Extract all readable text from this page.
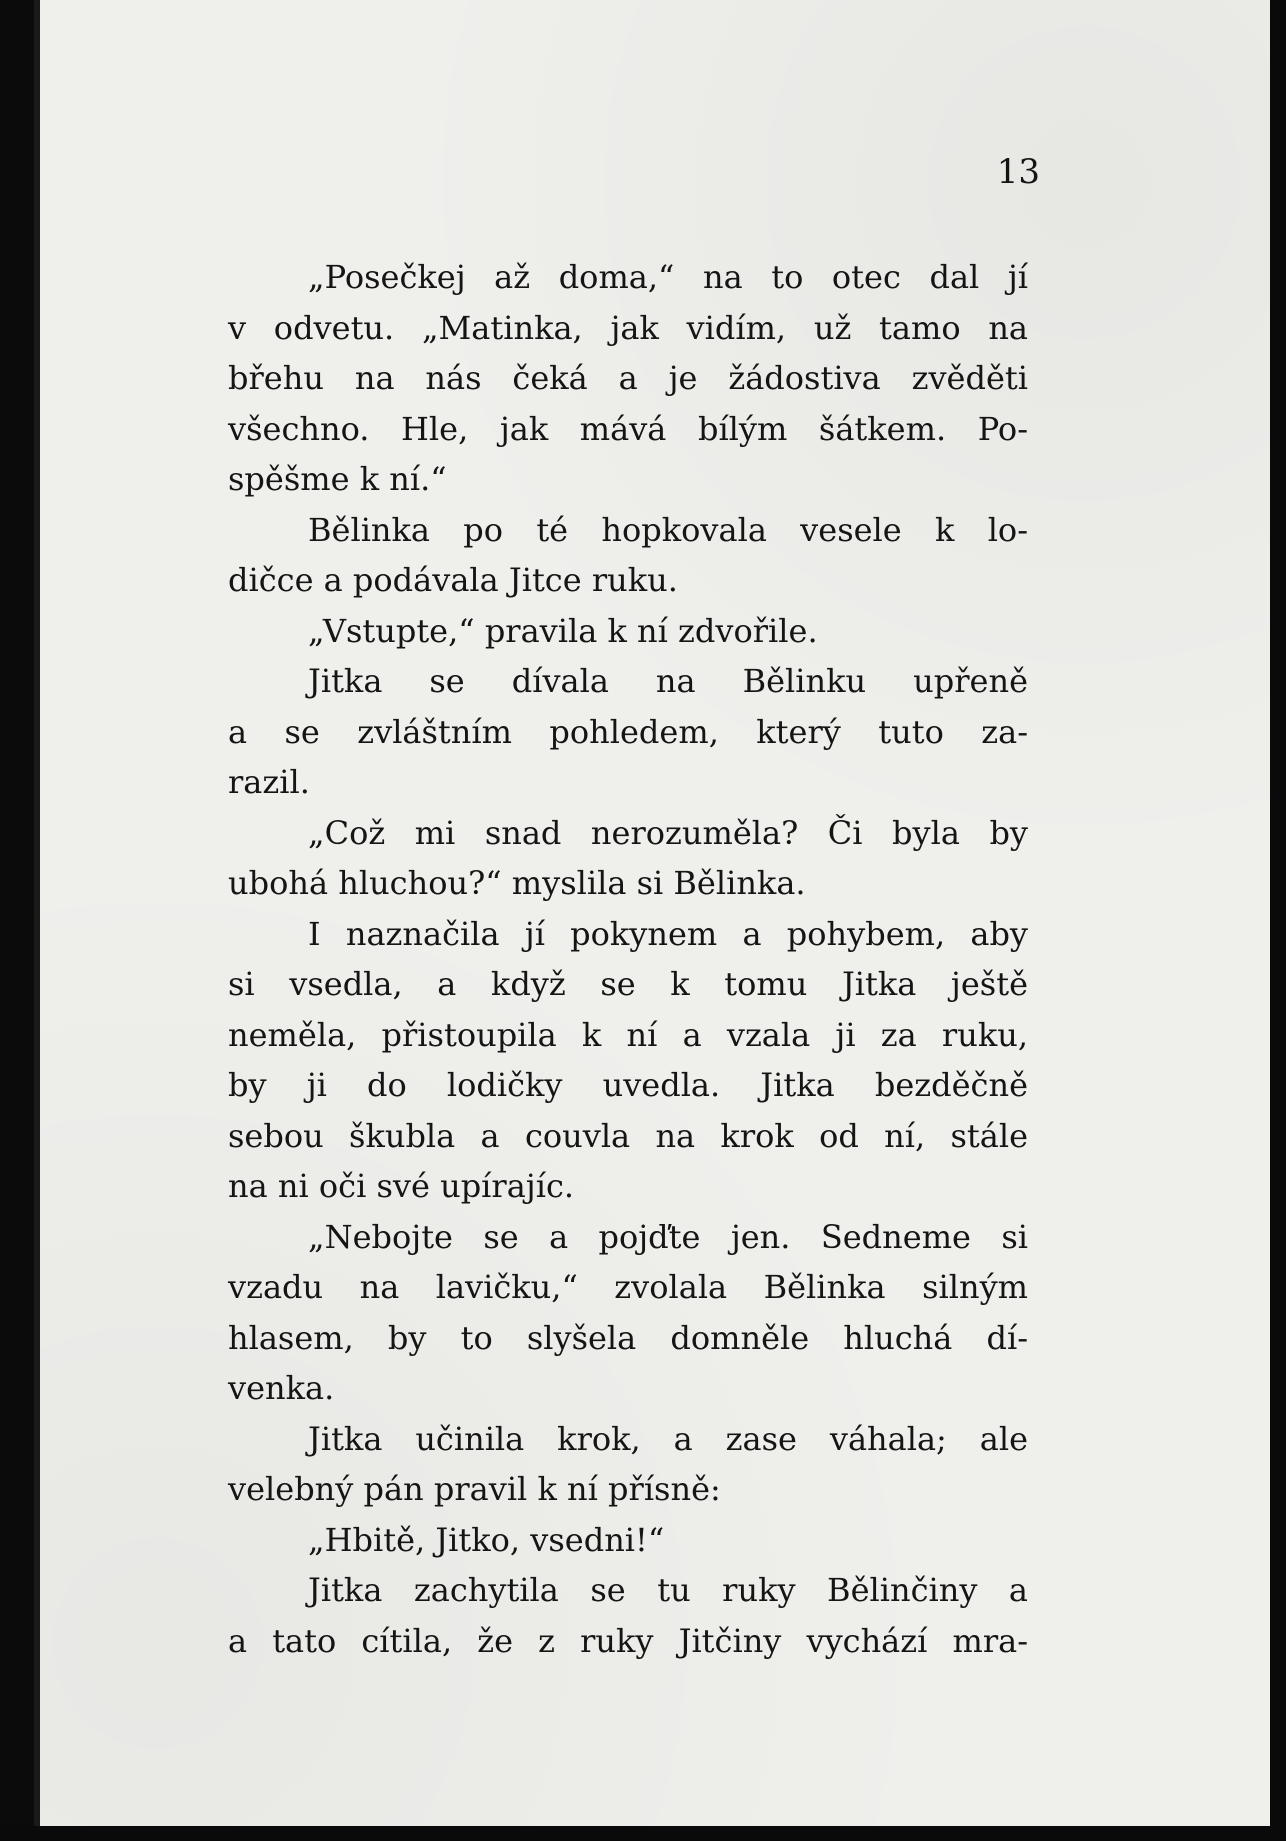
13
„Posečkej až doma,“ na to otec dal jí
v odvetu. „Matinka, jak vidím, už tamo na
břehu na nás čeká a je žádostiva zvěděti
všechno. Hle, jak mává bílým šátkem. Po-
spěšme k ní.“
Bělinka po té hopkovala vesele k lo-
dičce a podávala Jitce ruku.
„Vstupte,“ pravila k ní zdvořile.
Jitka se dívala na Bělinku upřeně
a se zvláštním pohledem, který tuto za-
razil.
„Což mi snad nerozuměla? Či byla by
ubohá hluchou?“ myslila si Bělinka.
I naznačila jí pokynem a pohybem, aby
si vsedla, a když se k tomu Jitka ještě
neměla, přistoupila k ní a vzala ji za ruku,
by ji do lodičky uvedla. Jitka bezděčně
sebou škubla a couvla na krok od ní, stále
na ni oči své upírajíc.
„Nebojte se a pojďte jen. Sedneme si
vzadu na lavičku,“ zvolala Bělinka silným
hlasem, by to slyšela domněle hluchá dí-
venka.
Jitka učinila krok, a zase váhala; ale
velebný pán pravil k ní přísně:
„Hbitě, Jitko, vsedni!“
Jitka zachytila se tu ruky Bělinčiny a
a tato cítila, že z ruky Jitčiny vychází mra-
